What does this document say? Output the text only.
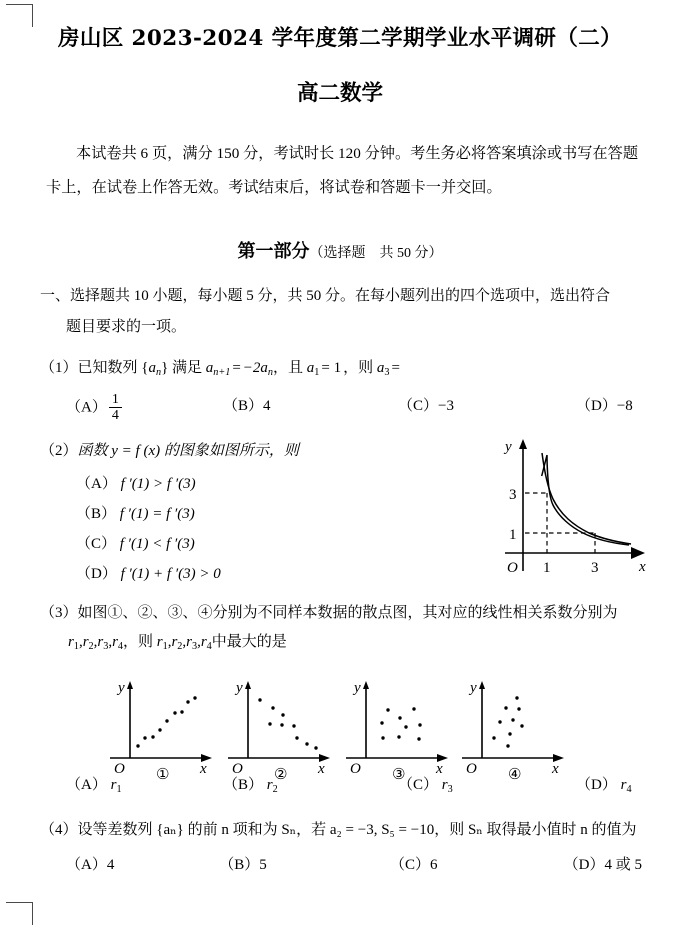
房山区 2023-2024 学年度第二学期学业水平调研（二）
高二数学
本试卷共 6 页，满分 150 分，考试时长 120 分钟。考生务必将答案填涂或书写在答题卡上，在试卷上作答无效。考试结束后，将试卷和答题卡一并交回。
第一部分（选择题　共 50 分）
一、选择题共 10 小题，每小题 5 分，共 50 分。在每小题列出的四个选项中，选出符合
题目要求的一项。
（1）已知数列 $\{a_n\}$ 满足 $a_{n+1} = -2a_n$，且 $a_1 = 1$ ，则 $a_3$ =
$(A) \frac{1}{4}$	（B）4	（C）−3	（D）−8
（2）函数 y = f (x) 的图象如图所示，则
（A） f ′(1) > f ′(3)
（B） f ′(1) = f ′(3)
（C） f ′(1) < f ′(3)
（D） f ′(1) + f ′(3) > 0
（3）如图①、②、③、④分别为不同样本数据的散点图，其对应的线性相关系数分别为
$r_1,r_2,r_3,r_4$，则 $r_1,r_2,r_3,r_4$中最大的是
（A） $r_1$	（B） $r_2$	（C） $r_3$	（D） $r_4$
（4）设等差数列 {aₙ} 的前 n 项和为 Sₙ，若 a₂ = −3, S₅ = −10，则 Sₙ 取得最小值时 n 的值为
（A）4	（B）5	（C）6	（D）4 或 5
y
x
O
3
1
1	3
y
x
O ①
y
x
O ②
y
x
O ③
y
x
O ④
